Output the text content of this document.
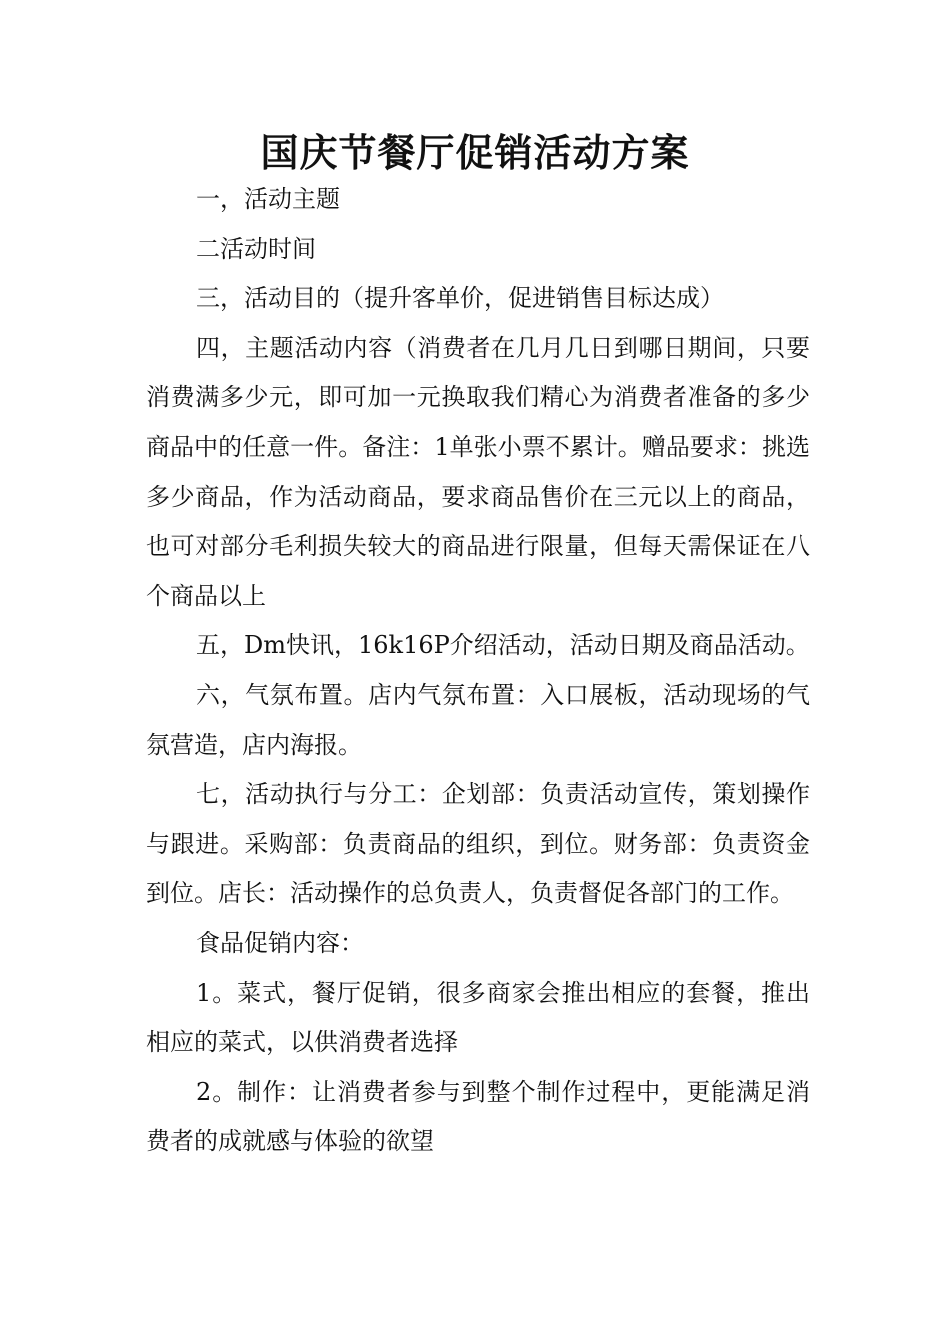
国庆节餐厅促销活动方案

一，活动主题

二活动时间

三，活动目的（提升客单价，促进销售目标达成）

四，主题活动内容（消费者在几月几日到哪日期间，只要消费满多少元，即可加一元换取我们精心为消费者准备的多少商品中的任意一件。备注：1单张小票不累计。赠品要求：挑选多少商品，作为活动商品，要求商品售价在三元以上的商品，也可对部分毛利损失较大的商品进行限量，但每天需保证在八个商品以上

五，Dm快讯，16k16P介绍活动，活动日期及商品活动。

六，气氛布置。店内气氛布置：入口展板，活动现场的气氛营造，店内海报。

七，活动执行与分工：企划部：负责活动宣传，策划操作与跟进。采购部：负责商品的组织，到位。财务部：负责资金到位。店长：活动操作的总负责人，负责督促各部门的工作。

食品促销内容：

1。菜式，餐厅促销，很多商家会推出相应的套餐，推出相应的菜式，以供消费者选择

2。制作：让消费者参与到整个制作过程中，更能满足消费者的成就感与体验的欲望
